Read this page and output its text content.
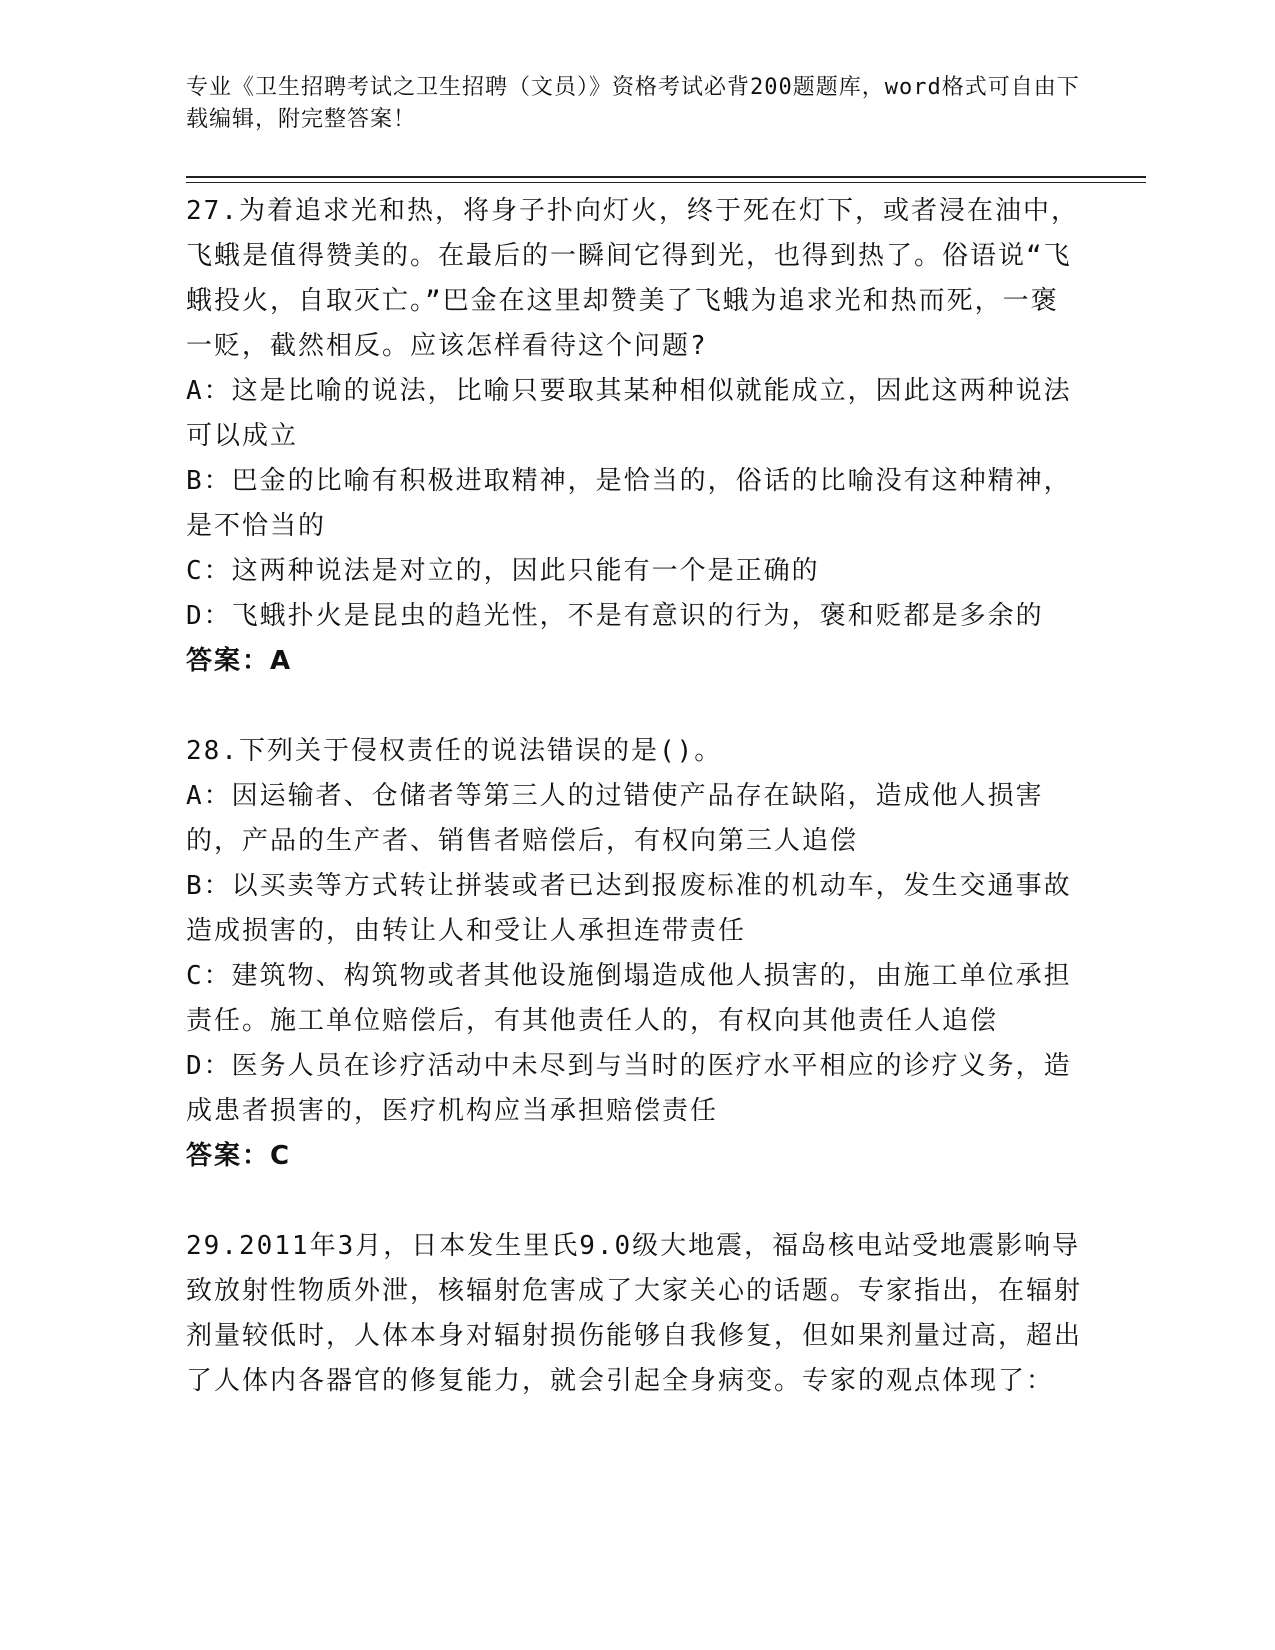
专业《卫生招聘考试之卫生招聘（文员）》资格考试必背200题题库，word格式可自由下载编辑，附完整答案！

27.为着追求光和热，将身子扑向灯火，终于死在灯下，或者浸在油中，飞蛾是值得赞美的。在最后的一瞬间它得到光，也得到热了。俗语说“飞蛾投火，自取灭亡。”巴金在这里却赞美了飞蛾为追求光和热而死，一褒一贬，截然相反。应该怎样看待这个问题?

A：这是比喻的说法，比喻只要取其某种相似就能成立，因此这两种说法可以成立

B：巴金的比喻有积极进取精神，是恰当的，俗话的比喻没有这种精神，是不恰当的

C：这两种说法是对立的，因此只能有一个是正确的

D：飞蛾扑火是昆虫的趋光性，不是有意识的行为，褒和贬都是多余的

答案：A

28.下列关于侵权责任的说法错误的是()。

A：因运输者、仓储者等第三人的过错使产品存在缺陷，造成他人损害的，产品的生产者、销售者赔偿后，有权向第三人追偿

B：以买卖等方式转让拼装或者已达到报废标准的机动车，发生交通事故造成损害的，由转让人和受让人承担连带责任

C：建筑物、构筑物或者其他设施倒塌造成他人损害的，由施工单位承担责任。施工单位赔偿后，有其他责任人的，有权向其他责任人追偿

D：医务人员在诊疗活动中未尽到与当时的医疗水平相应的诊疗义务，造成患者损害的，医疗机构应当承担赔偿责任

答案：C

29.2011年3月，日本发生里氏9.0级大地震，福岛核电站受地震影响导致放射性物质外泄，核辐射危害成了大家关心的话题。专家指出，在辐射剂量较低时，人体本身对辐射损伤能够自我修复，但如果剂量过高，超出了人体内各器官的修复能力，就会引起全身病变。专家的观点体现了：
